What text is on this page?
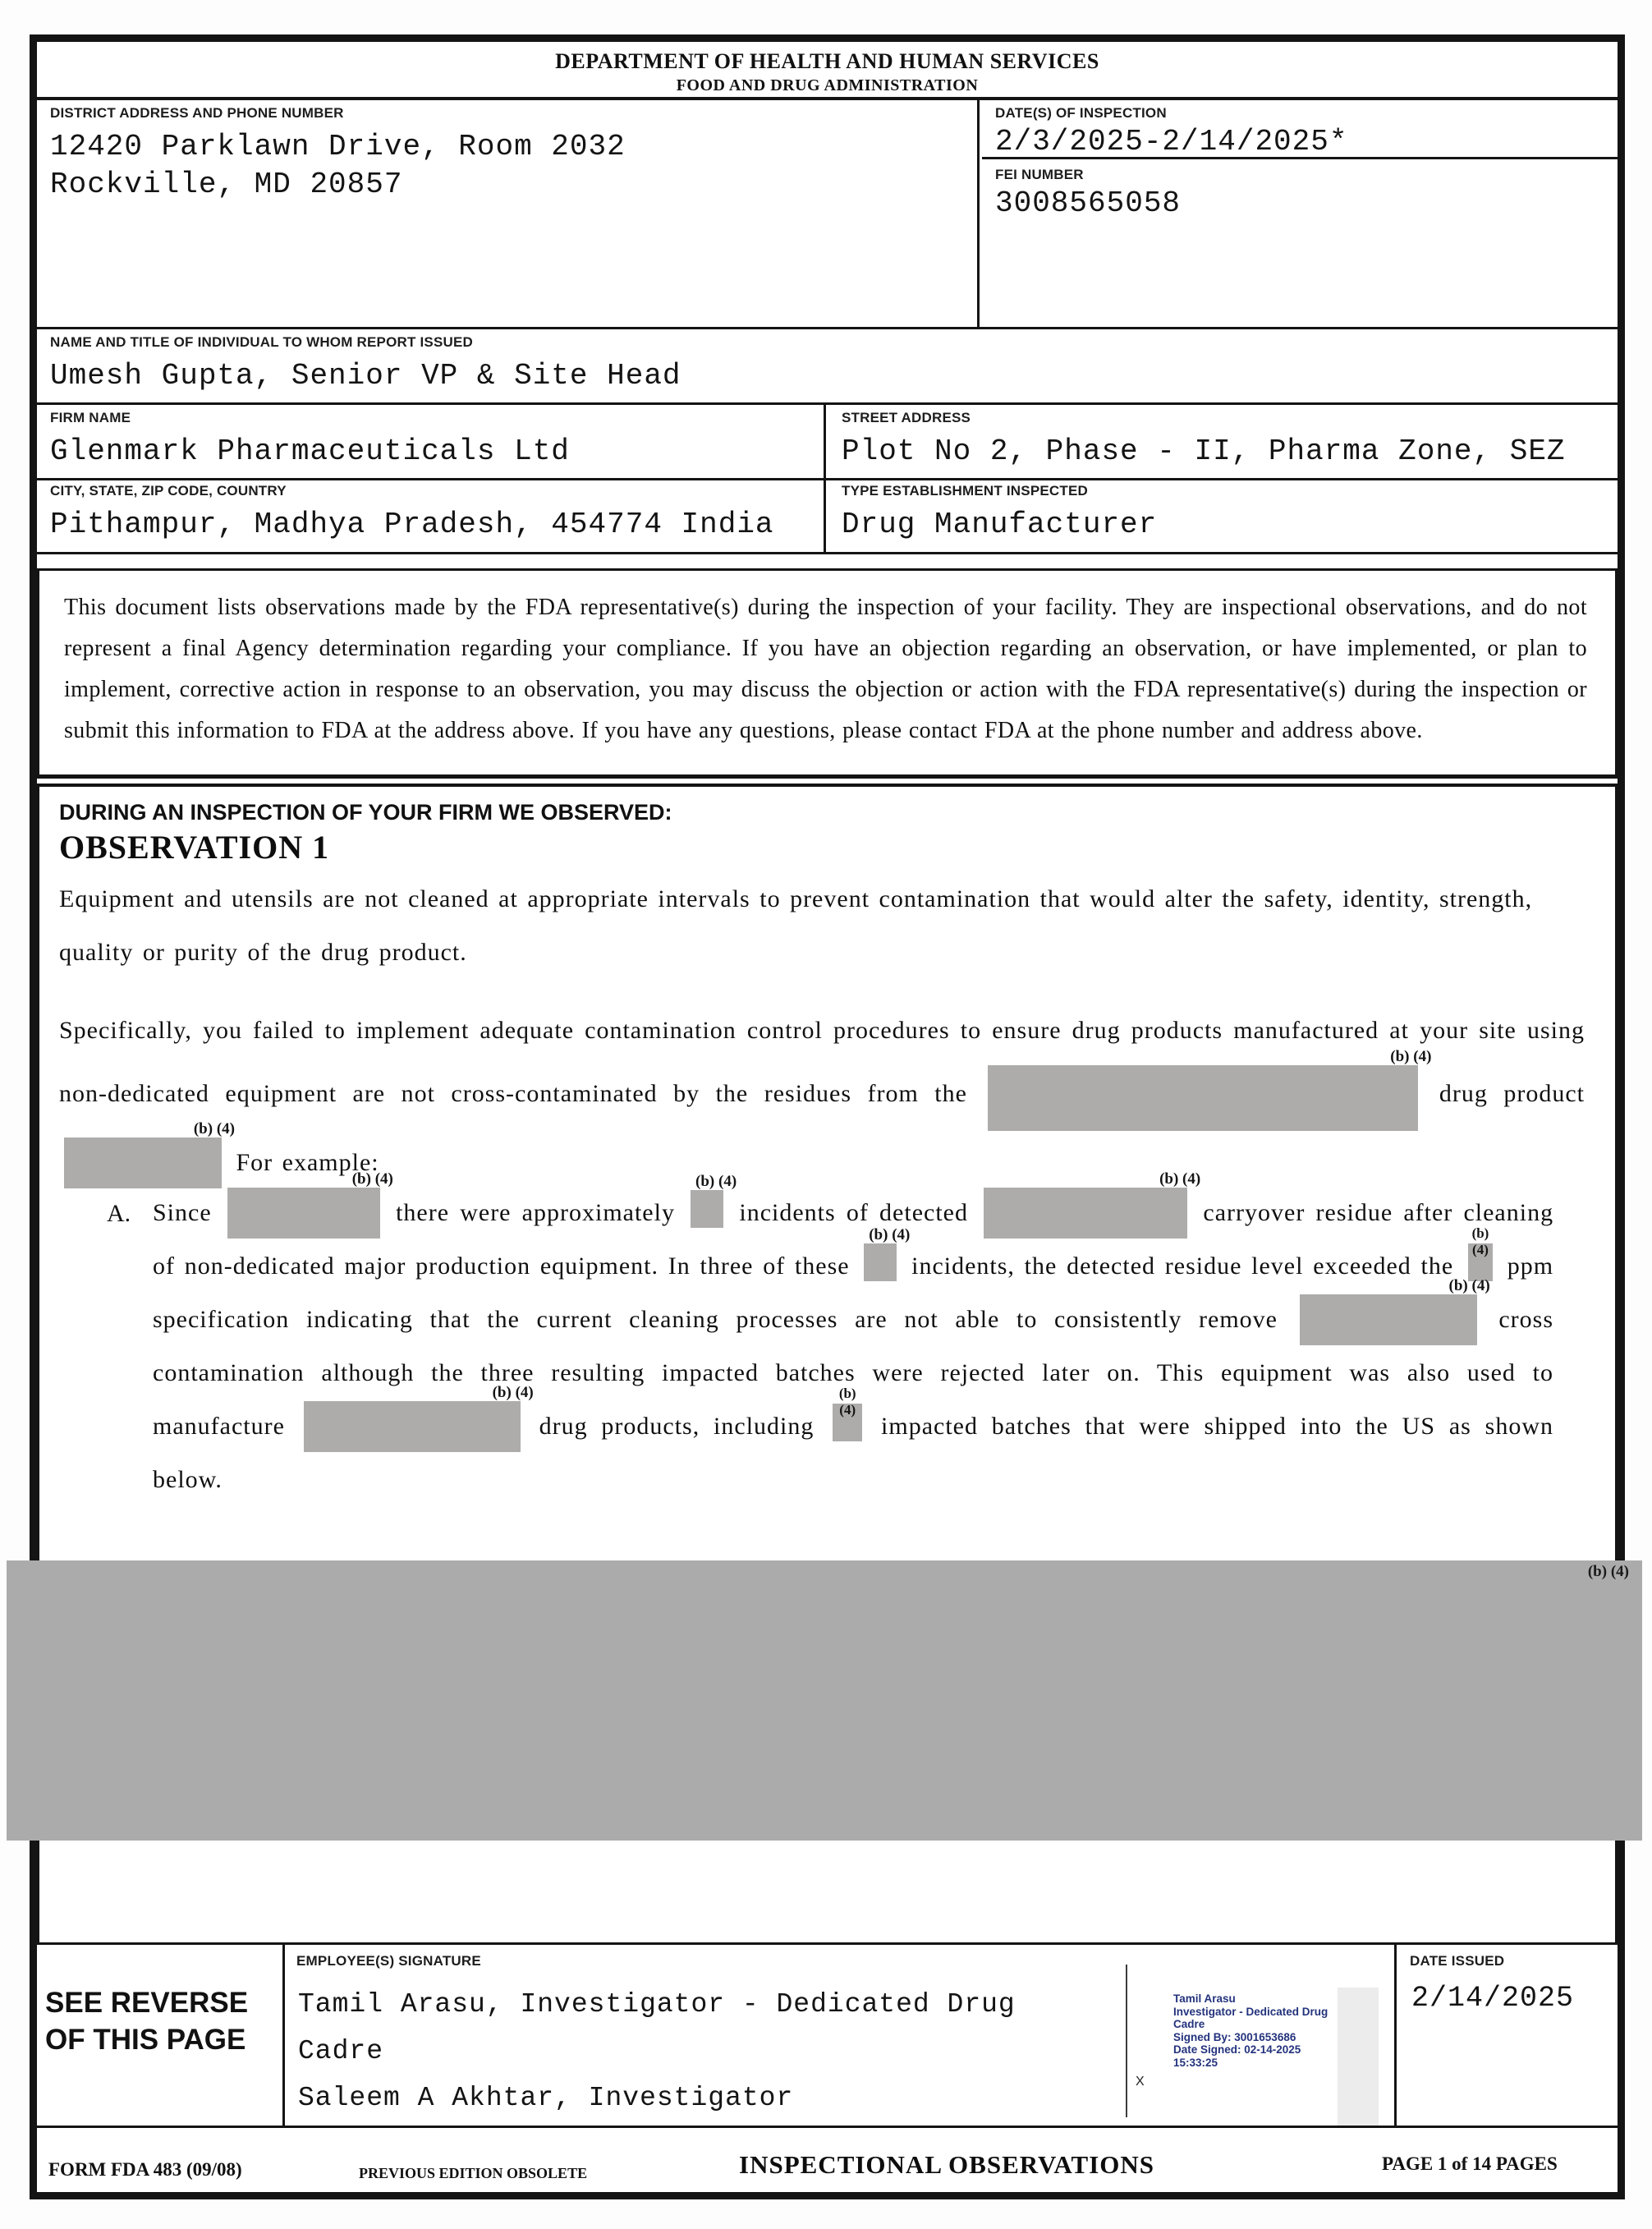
DEPARTMENT OF HEALTH AND HUMAN SERVICES
FOOD AND DRUG ADMINISTRATION
DISTRICT ADDRESS AND PHONE NUMBER
12420 Parklawn Drive, Room 2032
Rockville, MD 20857
DATE(S) OF INSPECTION
2/3/2025-2/14/2025*
FEI NUMBER
3008565058
NAME AND TITLE OF INDIVIDUAL TO WHOM REPORT ISSUED
Umesh Gupta, Senior VP & Site Head
FIRM NAME
Glenmark Pharmaceuticals Ltd
STREET ADDRESS
Plot No 2, Phase - II, Pharma Zone, SEZ
CITY, STATE, ZIP CODE, COUNTRY
Pithampur, Madhya Pradesh, 454774 India
TYPE ESTABLISHMENT INSPECTED
Drug Manufacturer

This document lists observations made by the FDA representative(s) during the inspection of your facility. They are inspectional observations, and do not represent a final Agency determination regarding your compliance. If you have an objection regarding an observation, or have implemented, or plan to implement, corrective action in response to an observation, you may discuss the objection or action with the FDA representative(s) during the inspection or submit this information to FDA at the address above. If you have any questions, please contact FDA at the phone number and address above.

DURING AN INSPECTION OF YOUR FIRM WE OBSERVED:
OBSERVATION 1

Equipment and utensils are not cleaned at appropriate intervals to prevent contamination that would alter the safety, identity, strength, quality or purity of the drug product.

Specifically, you failed to implement adequate contamination control procedures to ensure drug products manufactured at your site using non-dedicated equipment are not cross-contaminated by the residues from the
(b) (4)
drug product
(b) (4)
For example:

A. Since
(b) (4)
there were approximately
(b) (4)
incidents of detected
(b) (4)
carryover residue after cleaning of non-dedicated major production equipment. In three of these
(b) (4)
incidents, the detected residue level exceeded the
(b)
(4)
ppm specification indicating that the current cleaning processes are not able to consistently remove
(b) (4)
cross contamination although the three resulting impacted batches were rejected later on. This equipment was also used to manufacture
(b) (4)
drug products, including
(b)
(4)
impacted batches that were shipped into the US as shown below.

SEE REVERSE
OF THIS PAGE
EMPLOYEE(S) SIGNATURE
Tamil Arasu, Investigator - Dedicated Drug
Cadre
Saleem A Akhtar, Investigator
X
Tamil Arasu
Investigator - Dedicated Drug
Cadre
Signed By: 3001653686
Date Signed: 02-14-2025
15:33:25
DATE ISSUED
2/14/2025
FORM FDA 483 (09/08)	PREVIOUS EDITION OBSOLETE	INSPECTIONAL OBSERVATIONS	PAGE 1 of 14 PAGES
(b) (4)
